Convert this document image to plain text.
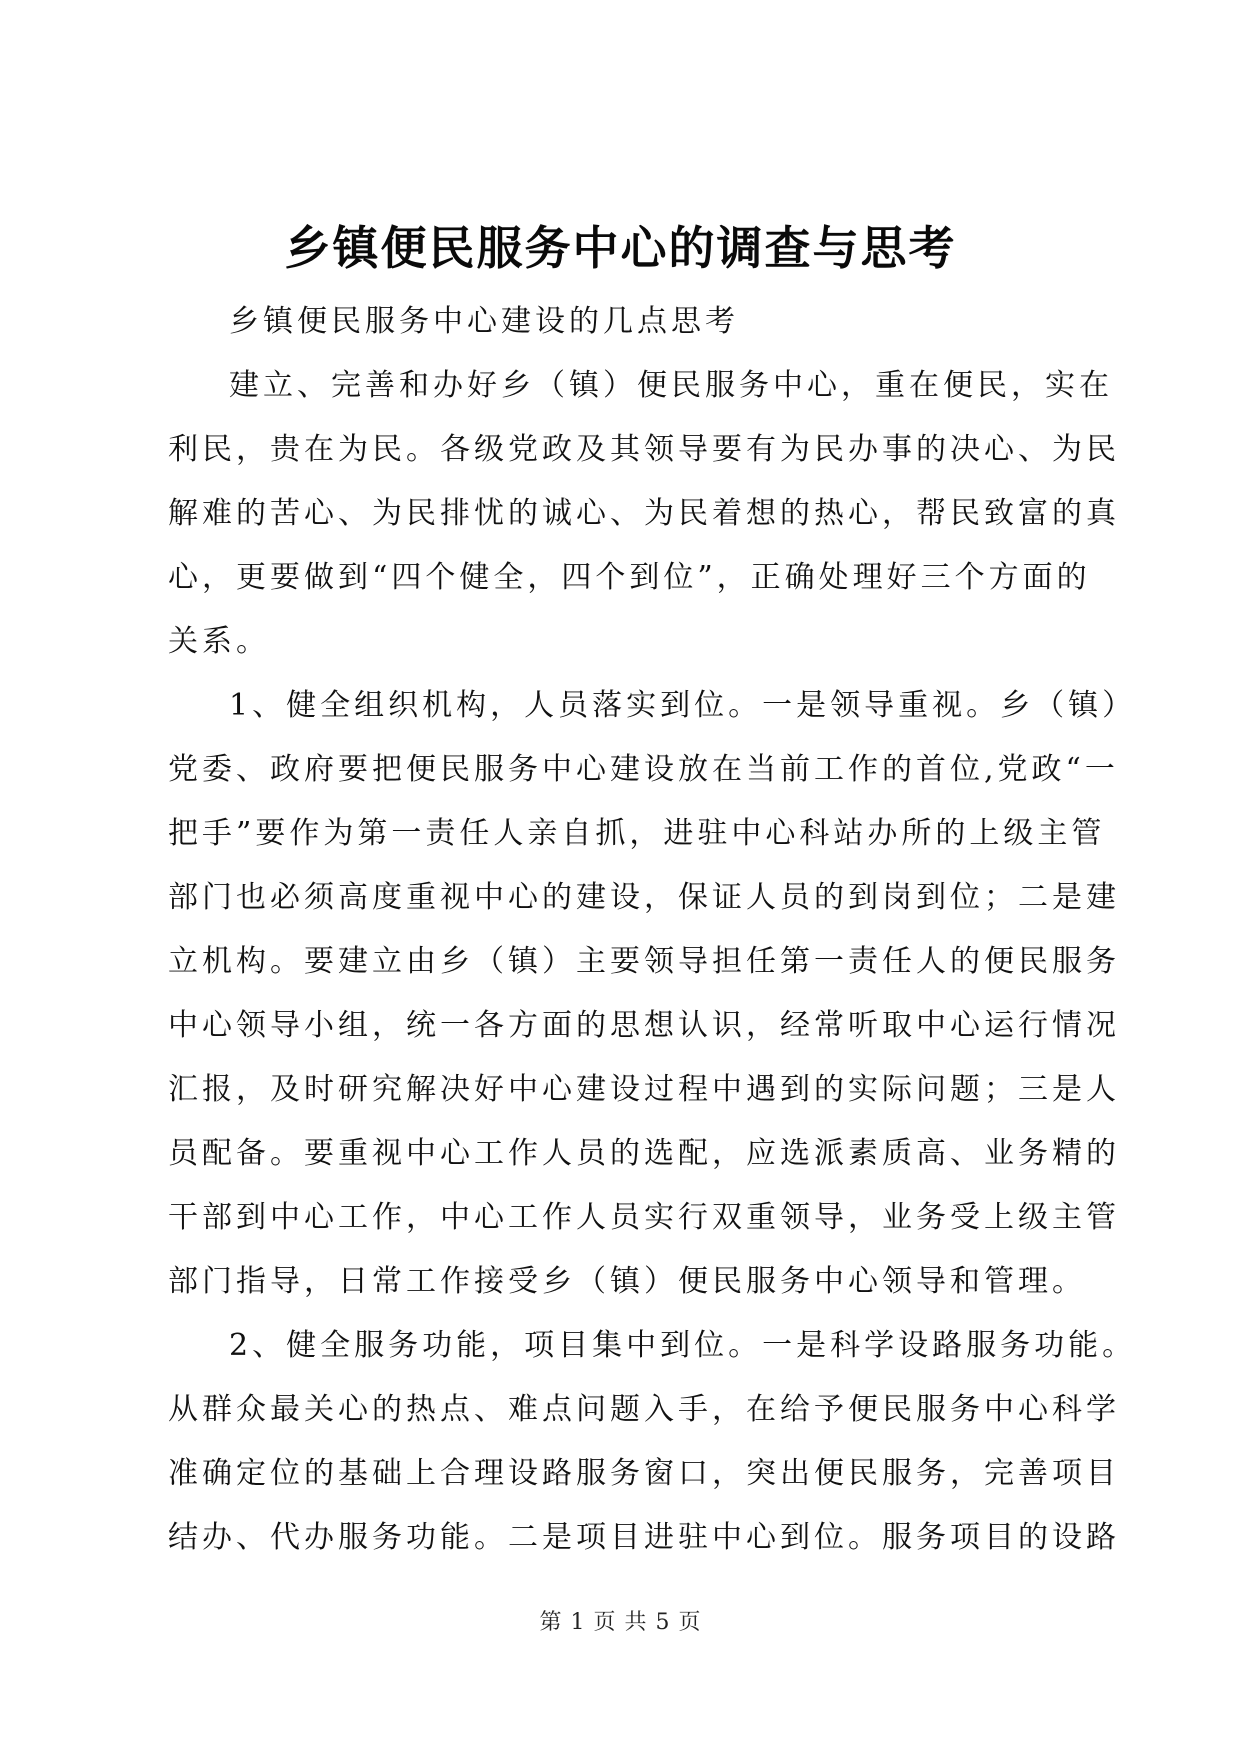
乡镇便民服务中心的调查与思考
乡镇便民服务中心建设的几点思考
建立、完善和办好乡（镇）便民服务中心，重在便民，实在
利民，贵在为民。各级党政及其领导要有为民办事的决心、为民
解难的苦心、为民排忧的诚心、为民着想的热心，帮民致富的真
心，更要做到“四个健全，四个到位”，正确处理好三个方面的
关系。
1、健全组织机构，人员落实到位。一是领导重视。乡（镇）
党委、政府要把便民服务中心建设放在当前工作的首位,党政“一
把手”要作为第一责任人亲自抓，进驻中心科站办所的上级主管
部门也必须高度重视中心的建设，保证人员的到岗到位；二是建
立机构。要建立由乡（镇）主要领导担任第一责任人的便民服务
中心领导小组，统一各方面的思想认识，经常听取中心运行情况
汇报，及时研究解决好中心建设过程中遇到的实际问题；三是人
员配备。要重视中心工作人员的选配，应选派素质高、业务精的
干部到中心工作，中心工作人员实行双重领导，业务受上级主管
部门指导，日常工作接受乡（镇）便民服务中心领导和管理。
2、健全服务功能，项目集中到位。一是科学设路服务功能。
从群众最关心的热点、难点问题入手，在给予便民服务中心科学
准确定位的基础上合理设路服务窗口，突出便民服务，完善项目
结办、代办服务功能。二是项目进驻中心到位。服务项目的设路
第 1 页 共 5 页
